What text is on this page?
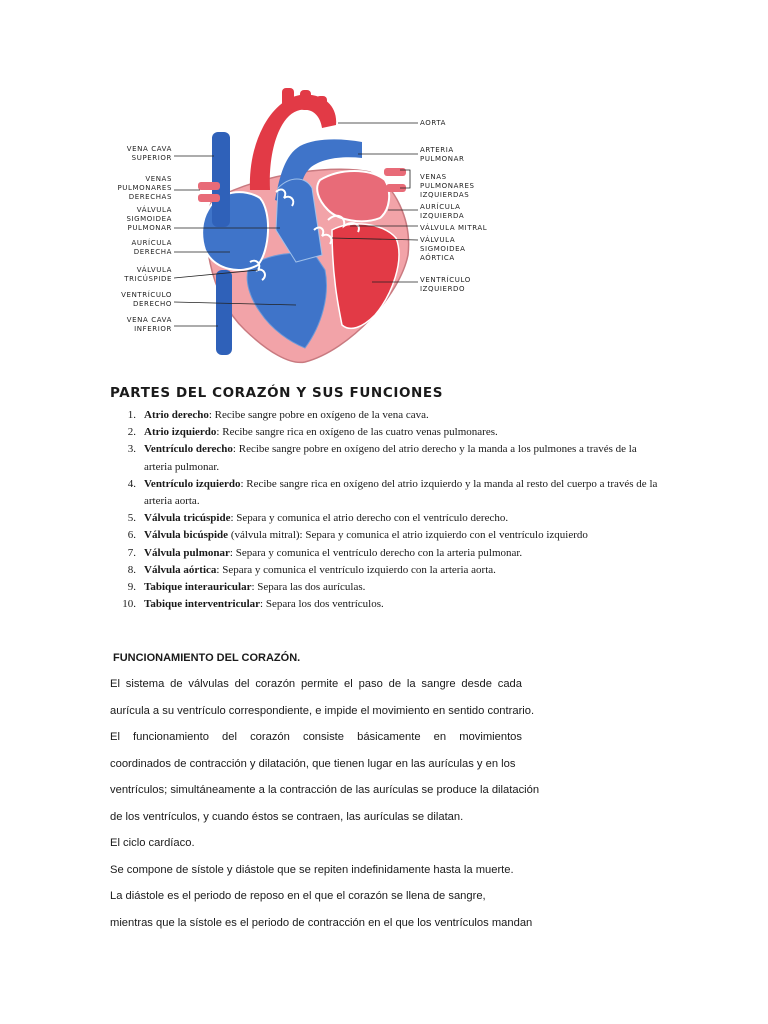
VENA CAVA
SUPERIOR
VENAS
PULMONARES
DERECHAS
VÁLVULA
SIGMOIDEA
PULMONAR
AURÍCULA
DERECHA
VÁLVULA
TRICÚSPIDE
VENTRÍCULO
DERECHO
VENA CAVA
INFERIOR
AORTA
ARTERIA
PULMONAR
VENAS
PULMONARES
IZQUIERDAS
AURÍCULA
IZQUIERDA
VÁLVULA MITRAL
VÁLVULA
SIGMOIDEA
AÓRTICA
VENTRÍCULO
IZQUIERDO
PARTES DEL CORAZÓN Y SUS FUNCIONES
1. Atrio derecho: Recibe sangre pobre en oxígeno de la vena cava.
2. Atrio izquierdo: Recibe sangre rica en oxígeno de las cuatro venas pulmonares.
3. Ventrículo derecho: Recibe sangre pobre en oxígeno del atrio derecho y la manda a los pulmones a través de la arteria pulmonar.
4. Ventrículo izquierdo: Recibe sangre rica en oxígeno del atrio izquierdo y la manda al resto del cuerpo a través de la arteria aorta.
5. Válvula tricúspide: Separa y comunica el atrio derecho con el ventrículo derecho.
6. Válvula bicúspide (válvula mitral): Separa y comunica el atrio izquierdo con el ventrículo izquierdo
7. Válvula pulmonar: Separa y comunica el ventrículo derecho con la arteria pulmonar.
8. Válvula aórtica: Separa y comunica el ventrículo izquierdo con la arteria aorta.
9. Tabique interauricular: Separa las dos aurículas.
10. Tabique interventricular: Separa los dos ventrículos.
FUNCIONAMIENTO DEL CORAZÓN.

El sistema de válvulas del corazón permite el paso de la sangre desde cada

aurícula a su ventrículo correspondiente, e impide el movimiento en sentido contrario.

El funcionamiento del corazón consiste básicamente en movimientos

coordinados de contracción y dilatación, que tienen lugar en las aurículas y en los

ventrículos; simultáneamente a la contracción de las aurículas se produce la dilatación

de los ventrículos, y cuando éstos se contraen, las aurículas se dilatan.

El ciclo cardíaco.

Se compone de sístole y diástole que se repiten indefinidamente hasta la muerte.

La diástole es el periodo de reposo en el que el corazón se llena de sangre,

mientras que la sístole es el periodo de contracción en el que los ventrículos mandan
